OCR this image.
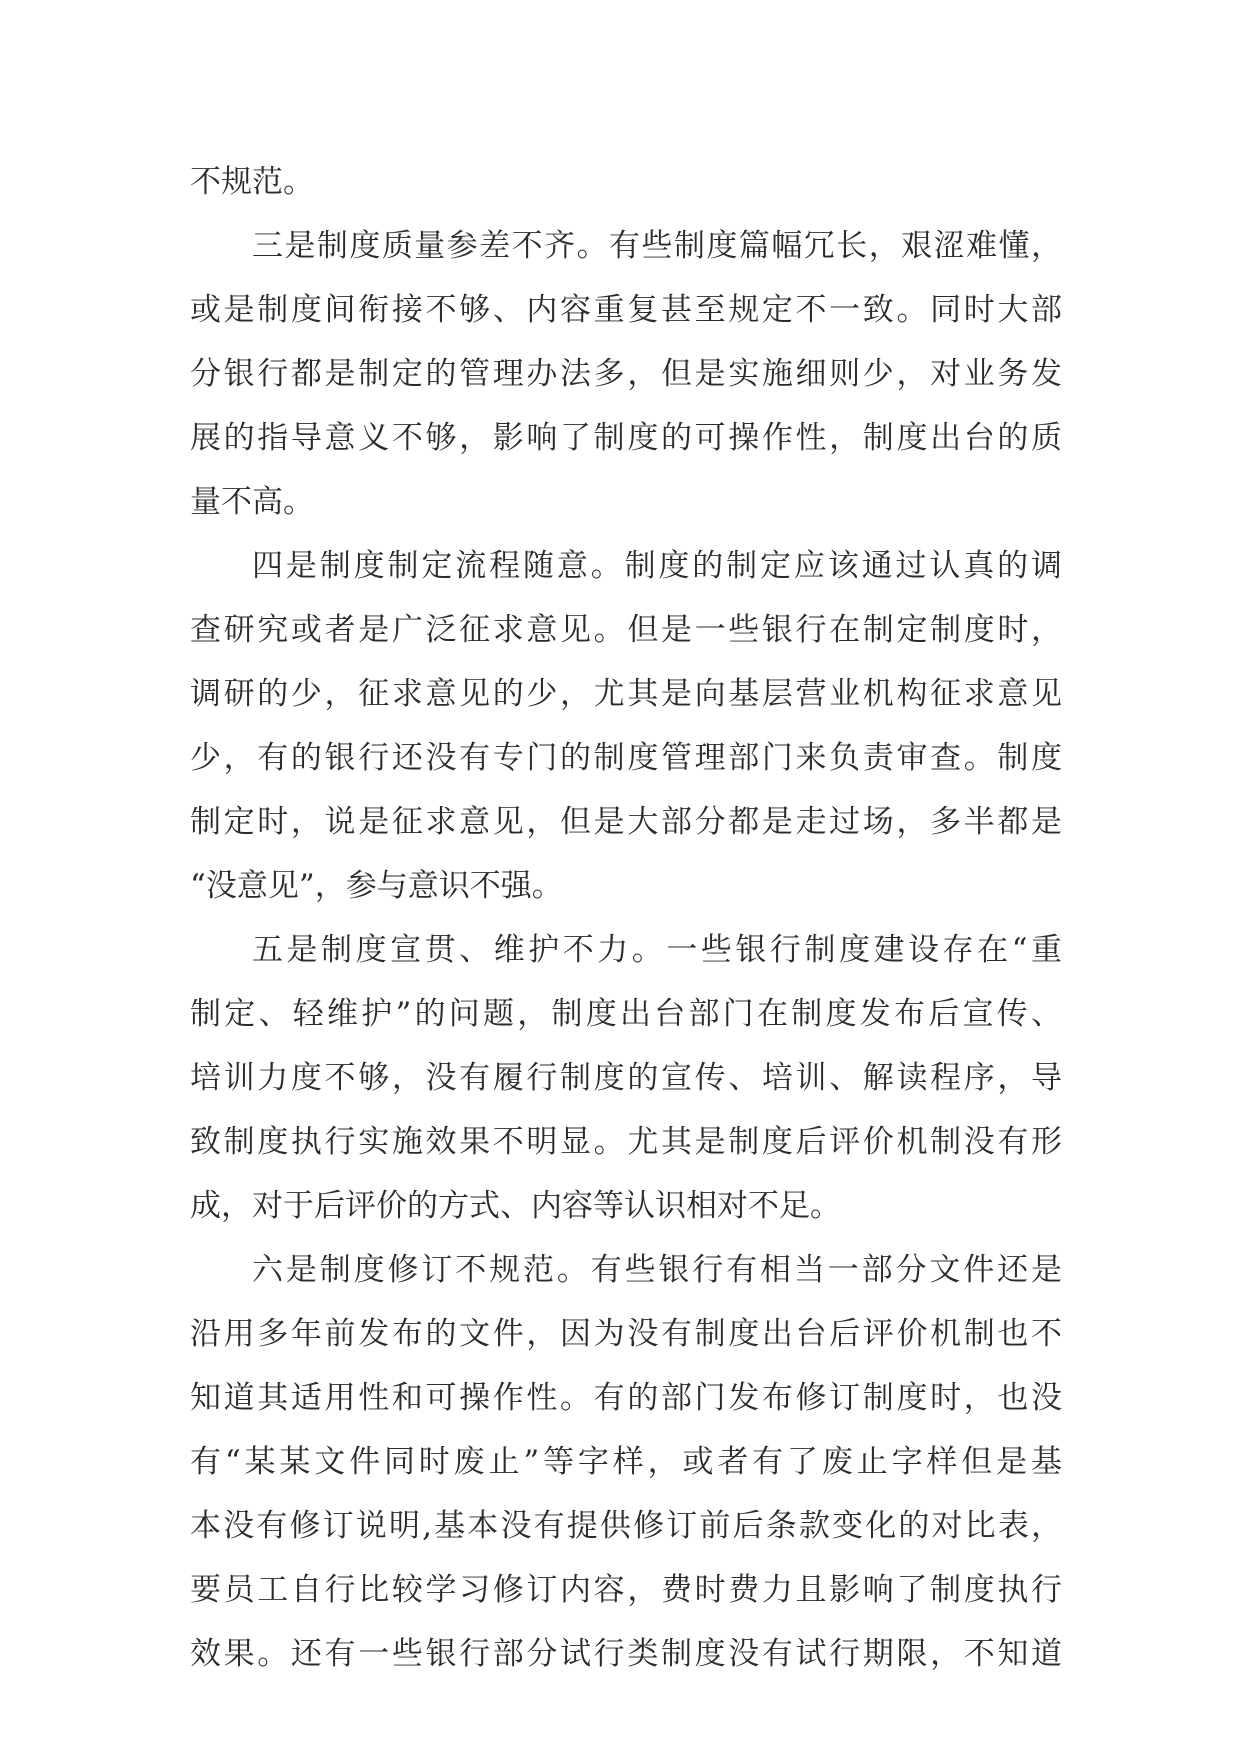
不规范。
三是制度质量参差不齐。有些制度篇幅冗长，艰涩难懂，
或是制度间衔接不够、内容重复甚至规定不一致。同时大部
分银行都是制定的管理办法多，但是实施细则少，对业务发
展的指导意义不够，影响了制度的可操作性，制度出台的质
量不高。
四是制度制定流程随意。制度的制定应该通过认真的调
查研究或者是广泛征求意见。但是一些银行在制定制度时，
调研的少，征求意见的少，尤其是向基层营业机构征求意见
少，有的银行还没有专门的制度管理部门来负责审查。制度
制定时，说是征求意见，但是大部分都是走过场，多半都是
“没意见”，参与意识不强。
五是制度宣贯、维护不力。一些银行制度建设存在“重
制定、轻维护”的问题，制度出台部门在制度发布后宣传、
培训力度不够，没有履行制度的宣传、培训、解读程序，导
致制度执行实施效果不明显。尤其是制度后评价机制没有形
成，对于后评价的方式、内容等认识相对不足。
六是制度修订不规范。有些银行有相当一部分文件还是
沿用多年前发布的文件，因为没有制度出台后评价机制也不
知道其适用性和可操作性。有的部门发布修订制度时，也没
有“某某文件同时废止”等字样，或者有了废止字样但是基
本没有修订说明,基本没有提供修订前后条款变化的对比表，
要员工自行比较学习修订内容，费时费力且影响了制度执行
效果。还有一些银行部分试行类制度没有试行期限，不知道
